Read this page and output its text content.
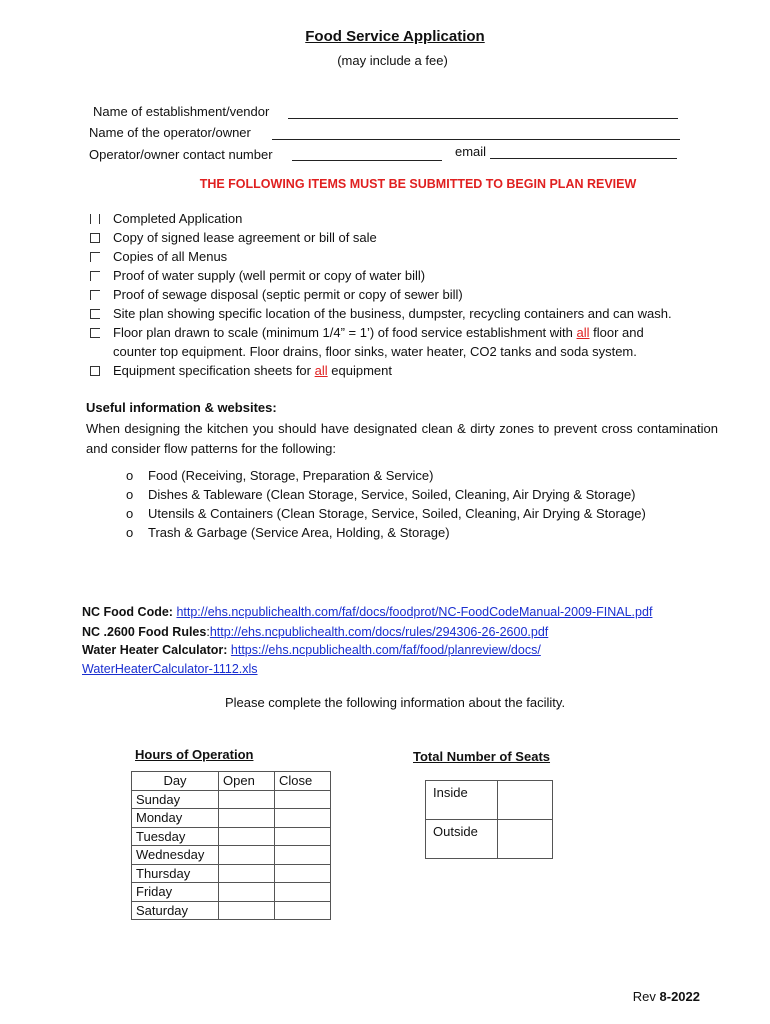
Food Service Application
(may include a fee)
Name of establishment/vendor
Name of the operator/owner
Operator/owner contact number	email
THE FOLLOWING ITEMS MUST BE SUBMITTED TO BEGIN PLAN REVIEW
Completed Application
Copy of signed lease agreement or bill of sale
Copies of all Menus
Proof of water supply (well permit or copy of water bill)
Proof of sewage disposal (septic permit or copy of sewer bill)
Site plan showing specific location of the business, dumpster, recycling containers and can wash.
Floor plan drawn to scale (minimum 1/4” = 1’) of food service establishment with all floor and
counter top equipment. Floor drains, floor sinks, water heater, CO2 tanks and soda system.
Equipment specification sheets for all equipment
Useful information & websites:
When designing the kitchen you should have designated clean & dirty zones to prevent cross contamination and consider flow patterns for the following:
o Food (Receiving, Storage, Preparation & Service)
o Dishes & Tableware (Clean Storage, Service, Soiled, Cleaning, Air Drying & Storage)
o Utensils & Containers (Clean Storage, Service, Soiled, Cleaning, Air Drying & Storage)
o Trash & Garbage (Service Area, Holding, & Storage)
NC Food Code: http://ehs.ncpublichealth.com/faf/docs/foodprot/NC-FoodCodeManual-2009-FINAL.pdf
NC .2600 Food Rules:http://ehs.ncpublichealth.com/docs/rules/294306-26-2600.pdf
Water Heater Calculator: https://ehs.ncpublichealth.com/faf/food/planreview/docs/
WaterHeaterCalculator-1112.xls
Please complete the following information about the facility.
Hours of Operation
Day	Open	Close
Sunday		
Monday		
Tuesday		
Wednesday		
Thursday		
Friday		
Saturday		
Total Number of Seats
Inside	
Outside	
Rev 8-2022
